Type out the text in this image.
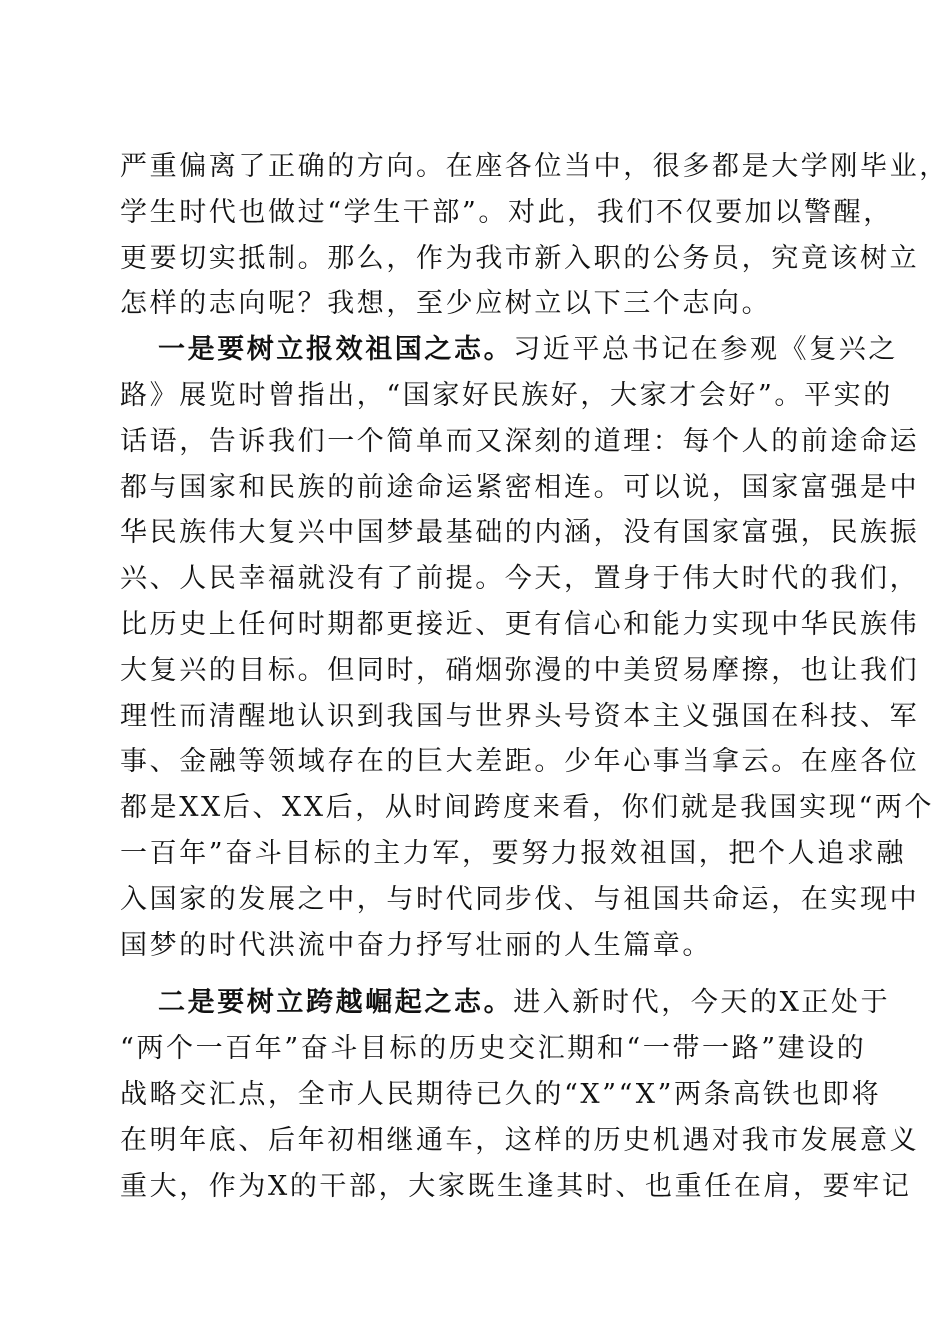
严重偏离了正确的方向。在座各位当中，很多都是大学刚毕业，
学生时代也做过“学生干部”。对此，我们不仅要加以警醒，
更要切实抵制。那么，作为我市新入职的公务员，究竟该树立
怎样的志向呢？我想，至少应树立以下三个志向。
一是要树立报效祖国之志。习近平总书记在参观《复兴之
路》展览时曾指出，“国家好民族好，大家才会好”。平实的
话语，告诉我们一个简单而又深刻的道理：每个人的前途命运
都与国家和民族的前途命运紧密相连。可以说，国家富强是中
华民族伟大复兴中国梦最基础的内涵，没有国家富强，民族振
兴、人民幸福就没有了前提。今天，置身于伟大时代的我们，
比历史上任何时期都更接近、更有信心和能力实现中华民族伟
大复兴的目标。但同时，硝烟弥漫的中美贸易摩擦，也让我们
理性而清醒地认识到我国与世界头号资本主义强国在科技、军
事、金融等领域存在的巨大差距。少年心事当拿云。在座各位
都是XX后、XX后，从时间跨度来看，你们就是我国实现“两个
一百年”奋斗目标的主力军，要努力报效祖国，把个人追求融
入国家的发展之中，与时代同步伐、与祖国共命运，在实现中
国梦的时代洪流中奋力抒写壮丽的人生篇章。
二是要树立跨越崛起之志。进入新时代，今天的X正处于
“两个一百年”奋斗目标的历史交汇期和“一带一路”建设的
战略交汇点，全市人民期待已久的“X”“X”两条高铁也即将
在明年底、后年初相继通车，这样的历史机遇对我市发展意义
重大，作为X的干部，大家既生逢其时、也重任在肩，要牢记
